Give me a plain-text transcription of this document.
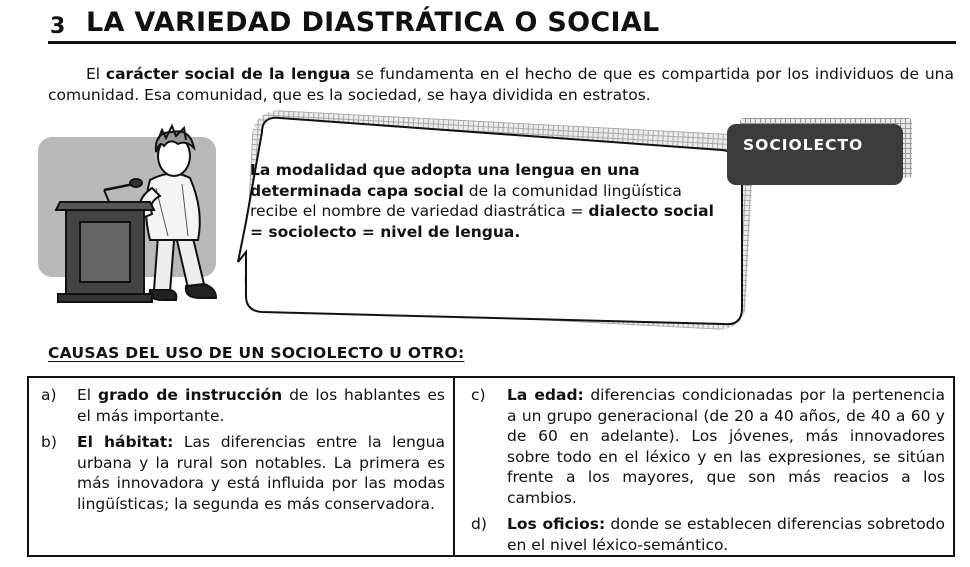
3 LA VARIEDAD DIASTRÁTICA O SOCIAL
El carácter social de la lengua se fundamenta en el hecho de que es compartida por los individuos de una comunidad. Esa comunidad, que es la sociedad, se haya dividida en estratos.
La modalidad que adopta una lengua en una determinada capa social de la comunidad lingüística recibe el nombre de variedad diastrática = dialecto social = sociolecto = nivel de lengua.
SOCIOLECTO
CAUSAS DEL USO DE UN SOCIOLECTO U OTRO:
a)	El grado de instrucción de los hablantes es el más importante.
b)	El hábitat: Las diferencias entre la lengua urbana y la rural son notables. La primera es más innovadora y está influida por las modas lingüísticas; la segunda es más conservadora.
c)	La edad: diferencias condicionadas por la pertenencia a un grupo generacional (de 20 a 40 años, de 40 a 60 y de 60 en adelante). Los jóvenes, más innovadores sobre todo en el léxico y en las expresiones, se sitúan frente a los mayores, que son más reacios a los cambios.
d)	Los oficios: donde se establecen diferencias sobretodo en el nivel léxico-semántico.
